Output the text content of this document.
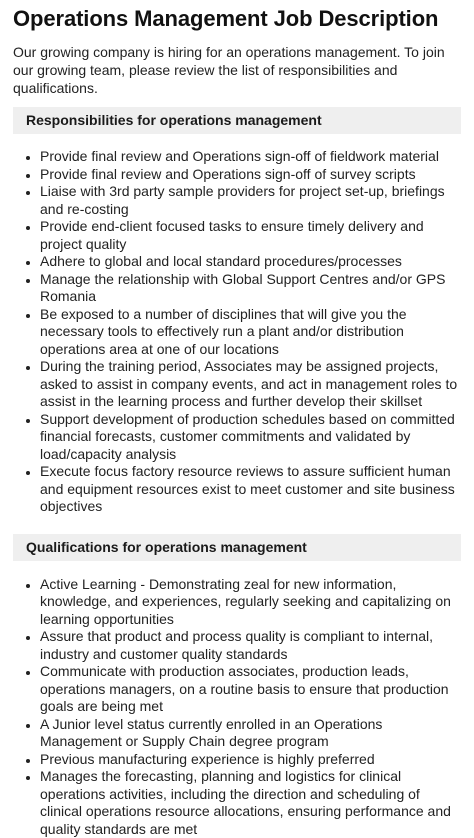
Operations Management Job Description

Our growing company is hiring for an operations management. To join our growing team, please review the list of responsibilities and qualifications.

Responsibilities for operations management
• Provide final review and Operations sign-off of fieldwork material
• Provide final review and Operations sign-off of survey scripts
• Liaise with 3rd party sample providers for project set-up, briefings and re-costing
• Provide end-client focused tasks to ensure timely delivery and project quality
• Adhere to global and local standard procedures/processes
• Manage the relationship with Global Support Centres and/or GPS Romania
• Be exposed to a number of disciplines that will give you the necessary tools to effectively run a plant and/or distribution operations area at one of our locations
• During the training period, Associates may be assigned projects, asked to assist in company events, and act in management roles to assist in the learning process and further develop their skillset
• Support development of production schedules based on committed financial forecasts, customer commitments and validated by load/capacity analysis
• Execute focus factory resource reviews to assure sufficient human and equipment resources exist to meet customer and site business objectives
Qualifications for operations management
• Active Learning - Demonstrating zeal for new information, knowledge, and experiences, regularly seeking and capitalizing on learning opportunities
• Assure that product and process quality is compliant to internal, industry and customer quality standards
• Communicate with production associates, production leads, operations managers, on a routine basis to ensure that production goals are being met
• A Junior level status currently enrolled in an Operations Management or Supply Chain degree program
• Previous manufacturing experience is highly preferred
• Manages the forecasting, planning and logistics for clinical operations activities, including the direction and scheduling of clinical operations resource allocations, ensuring performance and quality standards are met
